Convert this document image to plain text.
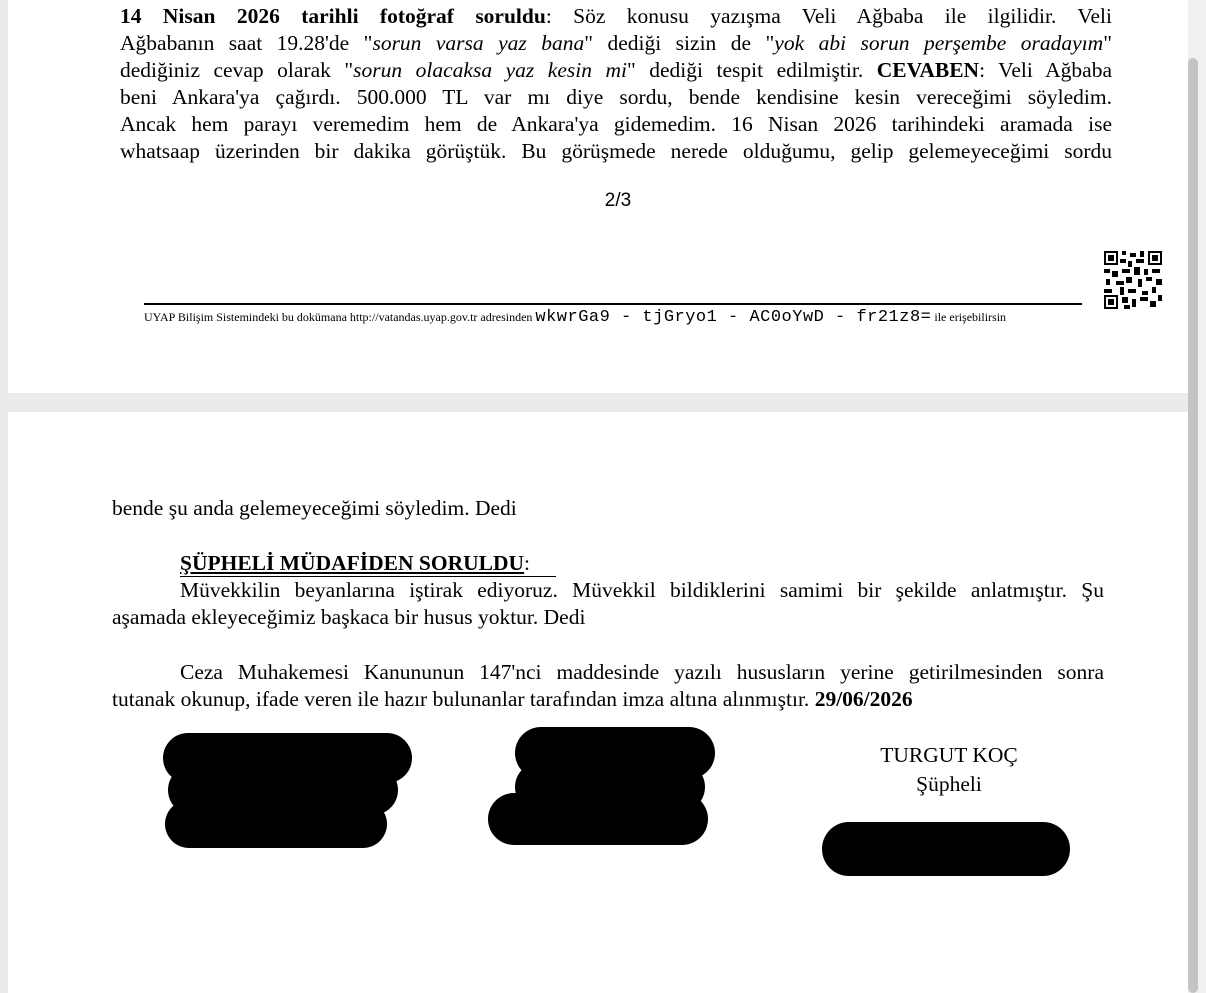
14 Nisan 2026 tarihli fotoğraf soruldu: Söz konusu yazışma Veli Ağbaba ile ilgilidir. Veli
Ağbabanın saat 19.28'de "sorun varsa yaz bana" dediği sizin de "yok abi sorun perşembe oradayım"
dediğiniz cevap olarak "sorun olacaksa yaz kesin mi" dediği tespit edilmiştir. CEVABEN: Veli Ağbaba
beni Ankara'ya çağırdı. 500.000 TL var mı diye sordu, bende kendisine kesin vereceğimi söyledim.
Ancak hem parayı veremedim hem de Ankara'ya gidemedim. 16 Nisan 2026 tarihindeki aramada ise
whatsaap üzerinden bir dakika görüştük. Bu görüşmede nerede olduğumu, gelip gelemeyeceğimi sordu
2/3
UYAP Bilişim Sistemindeki bu dokümana http://vatandas.uyap.gov.tr adresinden wkwrGa9 - tjGryo1 - AC0oYwD - fr21z8= ile erişebilirsin
bende şu anda gelemeyeceğimi söyledim. Dedi
ŞÜPHELİ MÜDAFİDEN SORULDU:
Müvekkilin beyanlarına iştirak ediyoruz. Müvekkil bildiklerini samimi bir şekilde anlatmıştır. Şu
aşamada ekleyeceğimiz başkaca bir husus yoktur. Dedi
Ceza Muhakemesi Kanununun 147'nci maddesinde yazılı hususların yerine getirilmesinden sonra
tutanak okunup, ifade veren ile hazır bulunanlar tarafından imza altına alınmıştır. 29/06/2026
TURGUT KOÇ
Şüpheli
